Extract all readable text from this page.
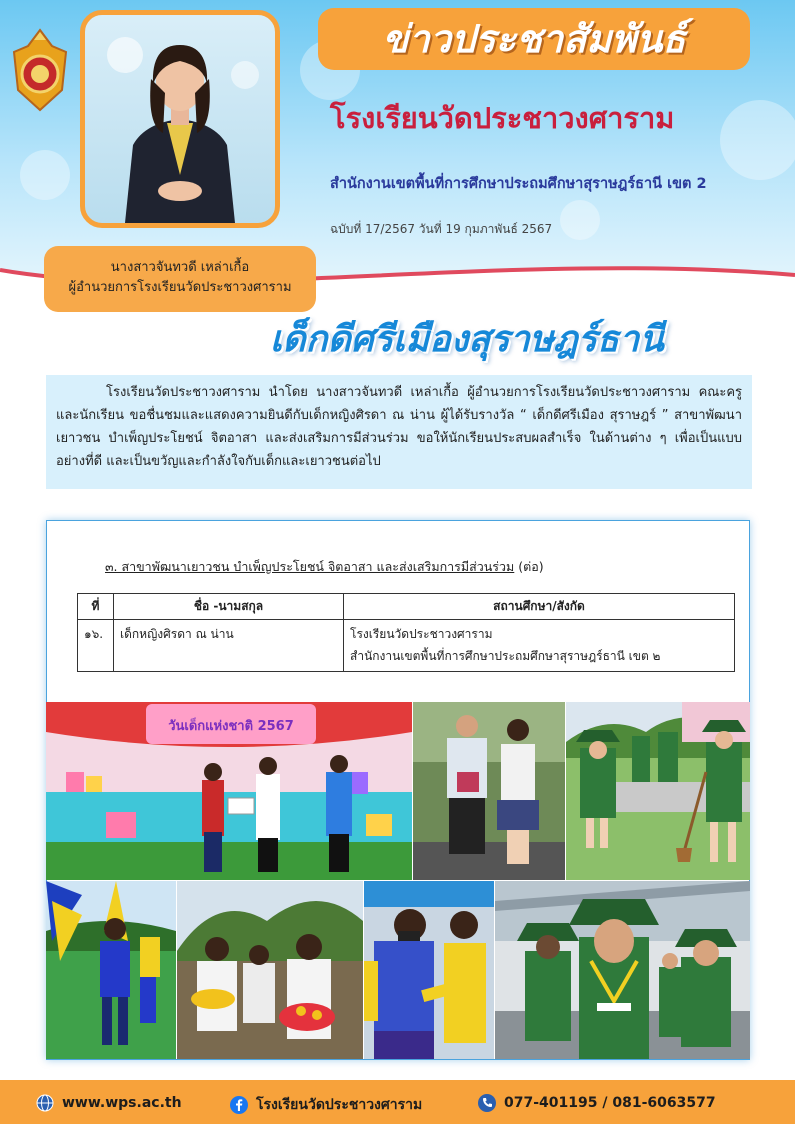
นางสาวจันทวดี เหล่าเกื้อ
ผู้อำนวยการโรงเรียนวัดประชาวงศาราม
ข่าวประชาสัมพันธ์
โรงเรียนวัดประชาวงศาราม
สำนักงานเขตพื้นที่การศึกษาประถมศึกษาสุราษฎร์ธานี เขต 2
ฉบับที่ 17/2567 วันที่ 19 กุมภาพันธ์ 2567
เด็กดีศรีเมืองสุราษฎร์ธานี
โรงเรียนวัดประชาวงศาราม นำโดย นางสาวจันทวดี เหล่าเกื้อ ผู้อำนวยการโรงเรียนวัดประชาวงศาราม คณะครู และนักเรียน ขอชื่นชมและแสดงความยินดีกับเด็กหญิงศิรดา ณ น่าน ผู้ได้รับรางวัล “ เด็กดีศรีเมือง สุราษฎร์ ” สาขาพัฒนาเยาวชน บำเพ็ญประโยชน์ จิตอาสา และส่งเสริมการมีส่วนร่วม ขอให้นักเรียนประสบผลสำเร็จ ในด้านต่าง ๆ เพื่อเป็นแบบอย่างที่ดี และเป็นขวัญและกำลังใจกับเด็กและเยาวชนต่อไป
๓. สาขาพัฒนาเยาวชน บำเพ็ญประโยชน์ จิตอาสา และส่งเสริมการมีส่วนร่วม (ต่อ)
ที่	ชื่อ -นามสกุล	สถานศึกษา/สังกัด
๑๖.	เด็กหญิงศิรดา ณ น่าน	โรงเรียนวัดประชาวงศาราม
สำนักงานเขตพื้นที่การศึกษาประถมศึกษาสุราษฎร์ธานี เขต ๒
วันเด็กแห่งชาติ 2567
www.wps.ac.th	โรงเรียนวัดประชาวงศาราม	077-401195 / 081-6063577
